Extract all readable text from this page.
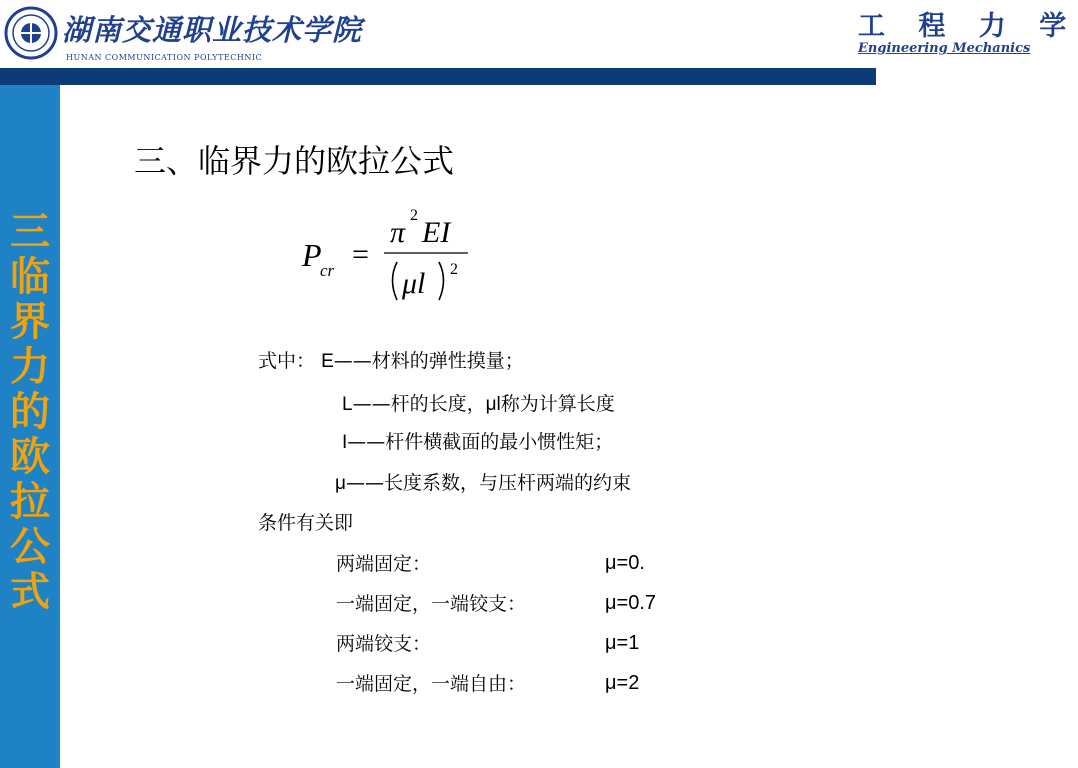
湖南交通职业技术学院
HUNAN COMMUNICATION POLYTECHNIC
工 程 力 学
Engineering Mechanics
三
临
界
力
的
欧
拉
公
式
三、临界力的欧拉公式
P
cr =
π
2
EI
μl 2
式中： E——材料的弹性摸量；
L——杆的长度，μl称为计算长度
I——杆件横截面的最小惯性矩；
μ——长度系数，与压杆两端的约束
条件有关即
两端固定：	μ=0.
一端固定，一端铰支：	μ=0.7
两端铰支：	μ=1
一端固定，一端自由：	μ=2
